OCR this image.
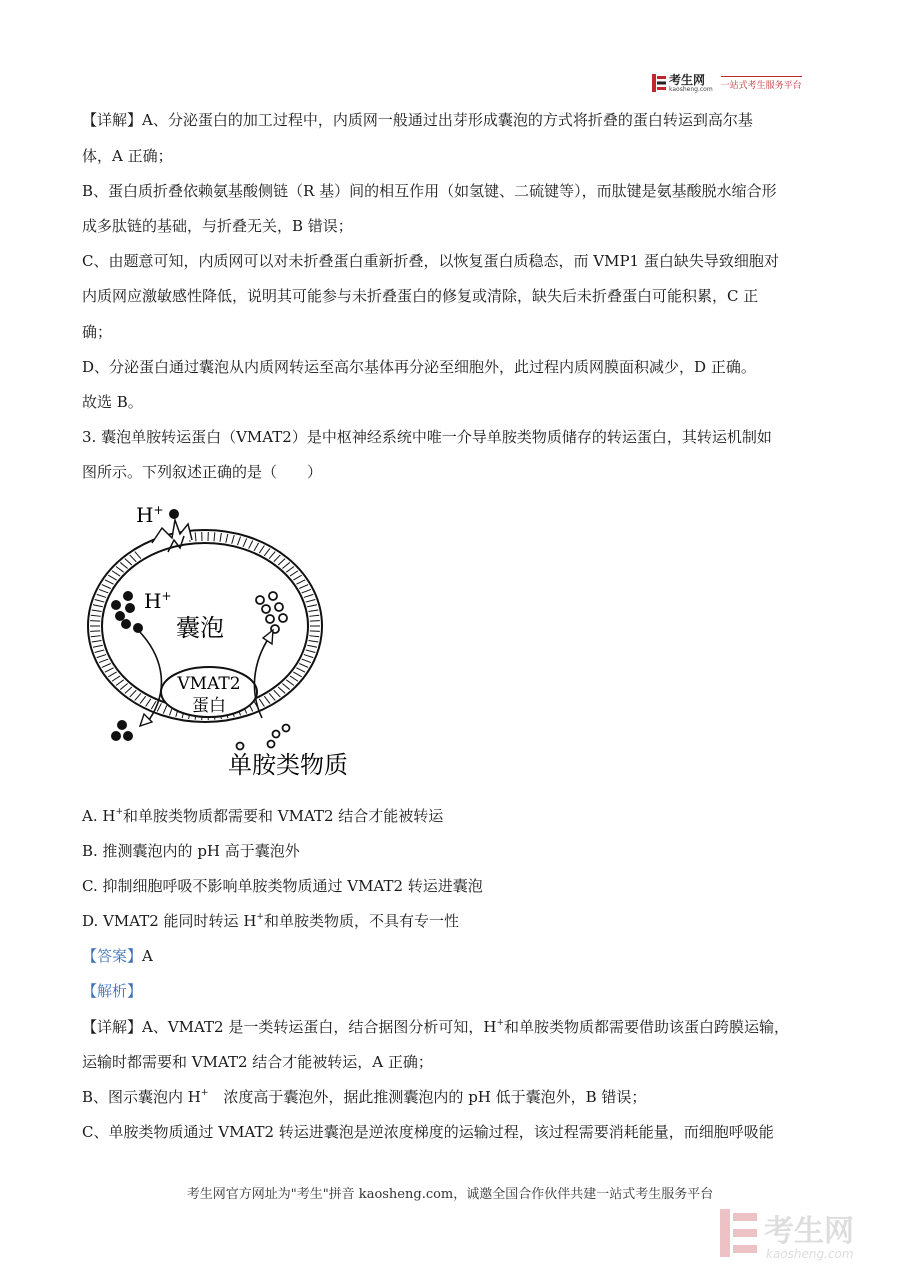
考生网
kaosheng.com 一站式考生服务平台
【详解】A、分泌蛋白的加工过程中，内质网一般通过出芽形成囊泡的方式将折叠的蛋白转运到高尔基
体，A 正确；
B、蛋白质折叠依赖氨基酸侧链（R 基）间的相互作用（如氢键、二硫键等），而肽键是氨基酸脱水缩合形
成多肽链的基础，与折叠无关，B 错误；
C、由题意可知，内质网可以对未折叠蛋白重新折叠，以恢复蛋白质稳态，而 VMP1 蛋白缺失导致细胞对
内质网应激敏感性降低，说明其可能参与未折叠蛋白的修复或清除，缺失后未折叠蛋白可能积累，C 正
确；
D、分泌蛋白通过囊泡从内质网转运至高尔基体再分泌至细胞外，此过程内质网膜面积减少，D 正确。
故选 B。
3. 囊泡单胺转运蛋白（VMAT2）是中枢神经系统中唯一介导单胺类物质储存的转运蛋白，其转运机制如
图所示。下列叙述正确的是（　　）
H+
H+
囊泡
VMAT2
蛋白
单胺类物质
A. H+和单胺类物质都需要和 VMAT2 结合才能被转运
B. 推测囊泡内的 pH 高于囊泡外
C. 抑制细胞呼吸不影响单胺类物质通过 VMAT2 转运进囊泡
D. VMAT2 能同时转运 H+和单胺类物质，不具有专一性
【答案】A
【解析】
【详解】A、VMAT2 是一类转运蛋白，结合据图分析可知，H+和单胺类物质都需要借助该蛋白跨膜运输，
运输时都需要和 VMAT2 结合才能被转运，A 正确；
B、图示囊泡内 H+　浓度高于囊泡外，据此推测囊泡内的 pH 低于囊泡外，B 错误；
C、单胺类物质通过 VMAT2 转运进囊泡是逆浓度梯度的运输过程，该过程需要消耗能量，而细胞呼吸能
考生网官方网址为"考生"拼音 kaosheng.com，诚邀全国合作伙伴共建一站式考生服务平台
考生网
kaosheng.com
